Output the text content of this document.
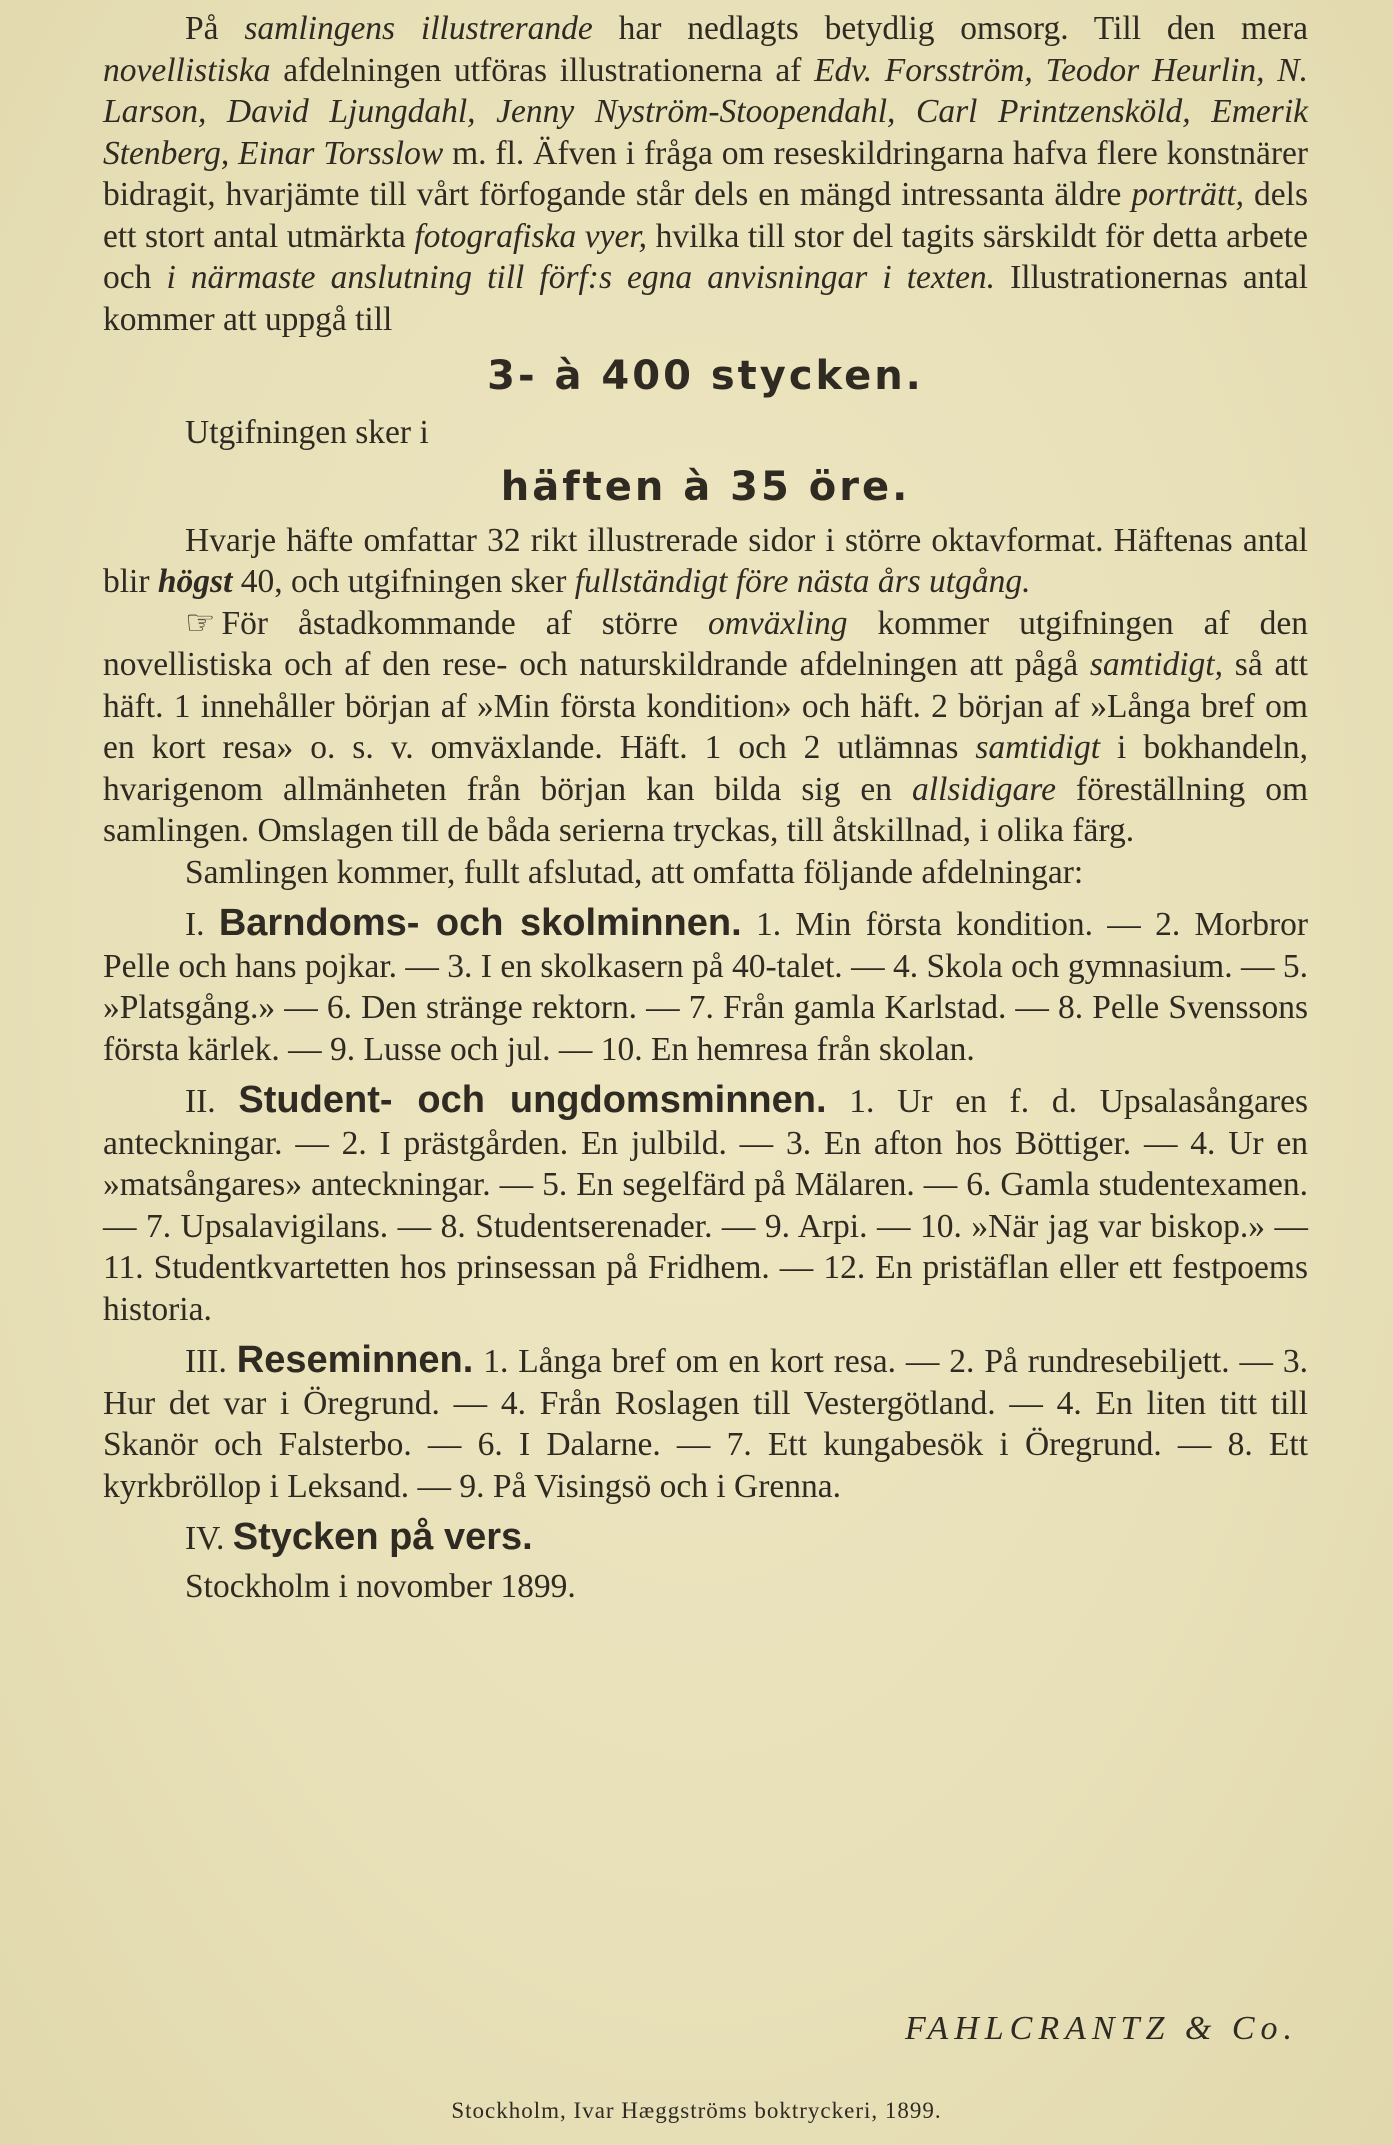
På samlingens illustrerande har nedlagts betydlig omsorg. Till den mera novellistiska afdelningen utföras illustrationerna af Edv. Forsström, Teodor Heurlin, N. Larson, David Ljungdahl, Jenny Nyström-Stoopendahl, Carl Printzensköld, Emerik Stenberg, Einar Torsslow m. fl. Äfven i fråga om reseskildringarna hafva flere konstnärer bidragit, hvarjämte till vårt förfogande står dels en mängd intressanta äldre porträtt, dels ett stort antal utmärkta fotografiska vyer, hvilka till stor del tagits särskildt för detta arbete och i närmaste anslutning till förf:s egna anvisningar i texten. Illustrationernas antal kommer att uppgå till

3- à 400 stycken.

Utgifningen sker i

häften à 35 öre.

Hvarje häfte omfattar 32 rikt illustrerade sidor i större oktavformat. Häftenas antal blir högst 40, och utgifningen sker fullständigt före nästa års utgång.

☞ För åstadkommande af större omväxling kommer utgifningen af den novellistiska och af den rese- och naturskildrande afdelningen att pågå samtidigt, så att häft. 1 innehåller början af »Min första kondition» och häft. 2 början af »Långa bref om en kort resa» o. s. v. omväxlande. Häft. 1 och 2 utlämnas samtidigt i bokhandeln, hvarigenom allmänheten från början kan bilda sig en allsidigare föreställning om samlingen. Omslagen till de båda serierna tryckas, till åtskillnad, i olika färg.

Samlingen kommer, fullt afslutad, att omfatta följande afdelningar:

I. Barndoms- och skolminnen. 1. Min första kondition. — 2. Morbror Pelle och hans pojkar. — 3. I en skolkasern på 40-talet. — 4. Skola och gymnasium. — 5. »Platsgång.» — 6. Den stränge rektorn. — 7. Från gamla Karlstad. — 8. Pelle Svenssons första kärlek. — 9. Lusse och jul. — 10. En hemresa från skolan.

II. Student- och ungdomsminnen. 1. Ur en f. d. Upsalasångares anteckningar. — 2. I prästgården. En julbild. — 3. En afton hos Böttiger. — 4. Ur en »matsångares» anteckningar. — 5. En segelfärd på Mälaren. — 6. Gamla studentexamen. — 7. Upsalavigilans. — 8. Studentserenader. — 9. Arpi. — 10. »När jag var biskop.» — 11. Studentkvartetten hos prinsessan på Fridhem. — 12. En pristäflan eller ett festpoems historia.

III. Reseminnen. 1. Långa bref om en kort resa. — 2. På rundresebiljett. — 3. Hur det var i Öregrund. — 4. Från Roslagen till Vestergötland. — 4. En liten titt till Skanör och Falsterbo. — 6. I Dalarne. — 7. Ett kungabesök i Öregrund. — 8. Ett kyrkbröllop i Leksand. — 9. På Visingsö och i Grenna.

IV. Stycken på vers.

Stockholm i novomber 1899.

FAHLCRANTZ & Co.
Stockholm, Ivar Hæggströms boktryckeri, 1899.
